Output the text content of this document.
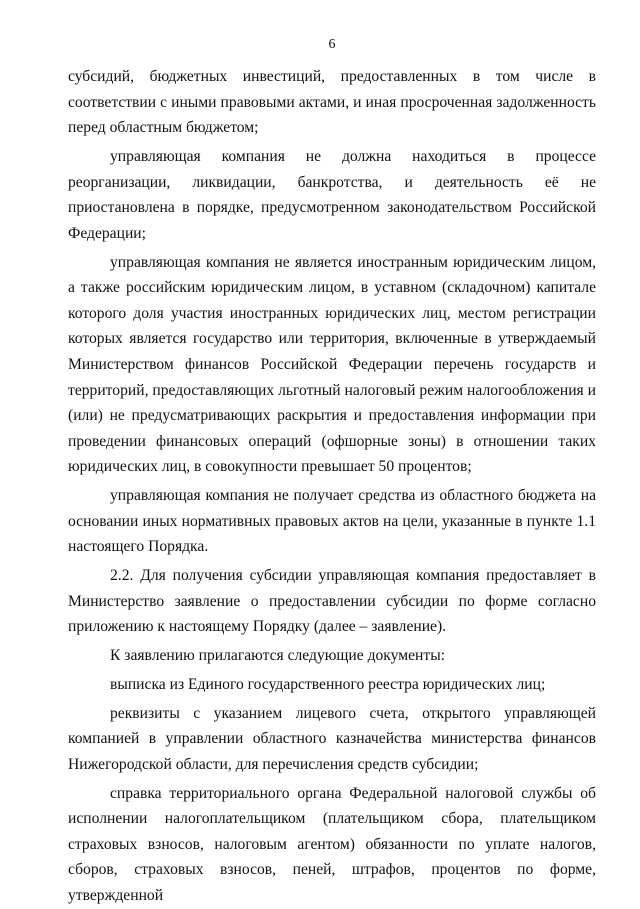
6

субсидий, бюджетных инвестиций, предоставленных в том числе в соответствии с иными правовыми актами, и иная просроченная задолженность перед областным бюджетом;

управляющая компания не должна находиться в процессе реорганизации, ликвидации, банкротства, и деятельность её не приостановлена в порядке, предусмотренном законодательством Российской Федерации;

управляющая компания не является иностранным юридическим лицом, а также российским юридическим лицом, в уставном (складочном) капитале которого доля участия иностранных юридических лиц, местом регистрации которых является государство или территория, включенные в утверждаемый Министерством финансов Российской Федерации перечень государств и территорий, предоставляющих льготный налоговый режим налогообложения и (или) не предусматривающих раскрытия и предоставления информации при проведении финансовых операций (офшорные зоны) в отношении таких юридических лиц, в совокупности превышает 50 процентов;

управляющая компания не получает средства из областного бюджета на основании иных нормативных правовых актов на цели, указанные в пункте 1.1 настоящего Порядка.

2.2. Для получения субсидии управляющая компания предоставляет в Министерство заявление о предоставлении субсидии по форме согласно приложению к настоящему Порядку (далее – заявление).

К заявлению прилагаются следующие документы:

выписка из Единого государственного реестра юридических лиц;

реквизиты с указанием лицевого счета, открытого управляющей компанией в управлении областного казначейства министерства финансов Нижегородской области, для перечисления средств субсидии;

справка территориального органа Федеральной налоговой службы об исполнении налогоплательщиком (плательщиком сбора, плательщиком страховых взносов, налоговым агентом) обязанности по уплате налогов, сборов, страховых взносов, пеней, штрафов, процентов по форме, утвержденной
